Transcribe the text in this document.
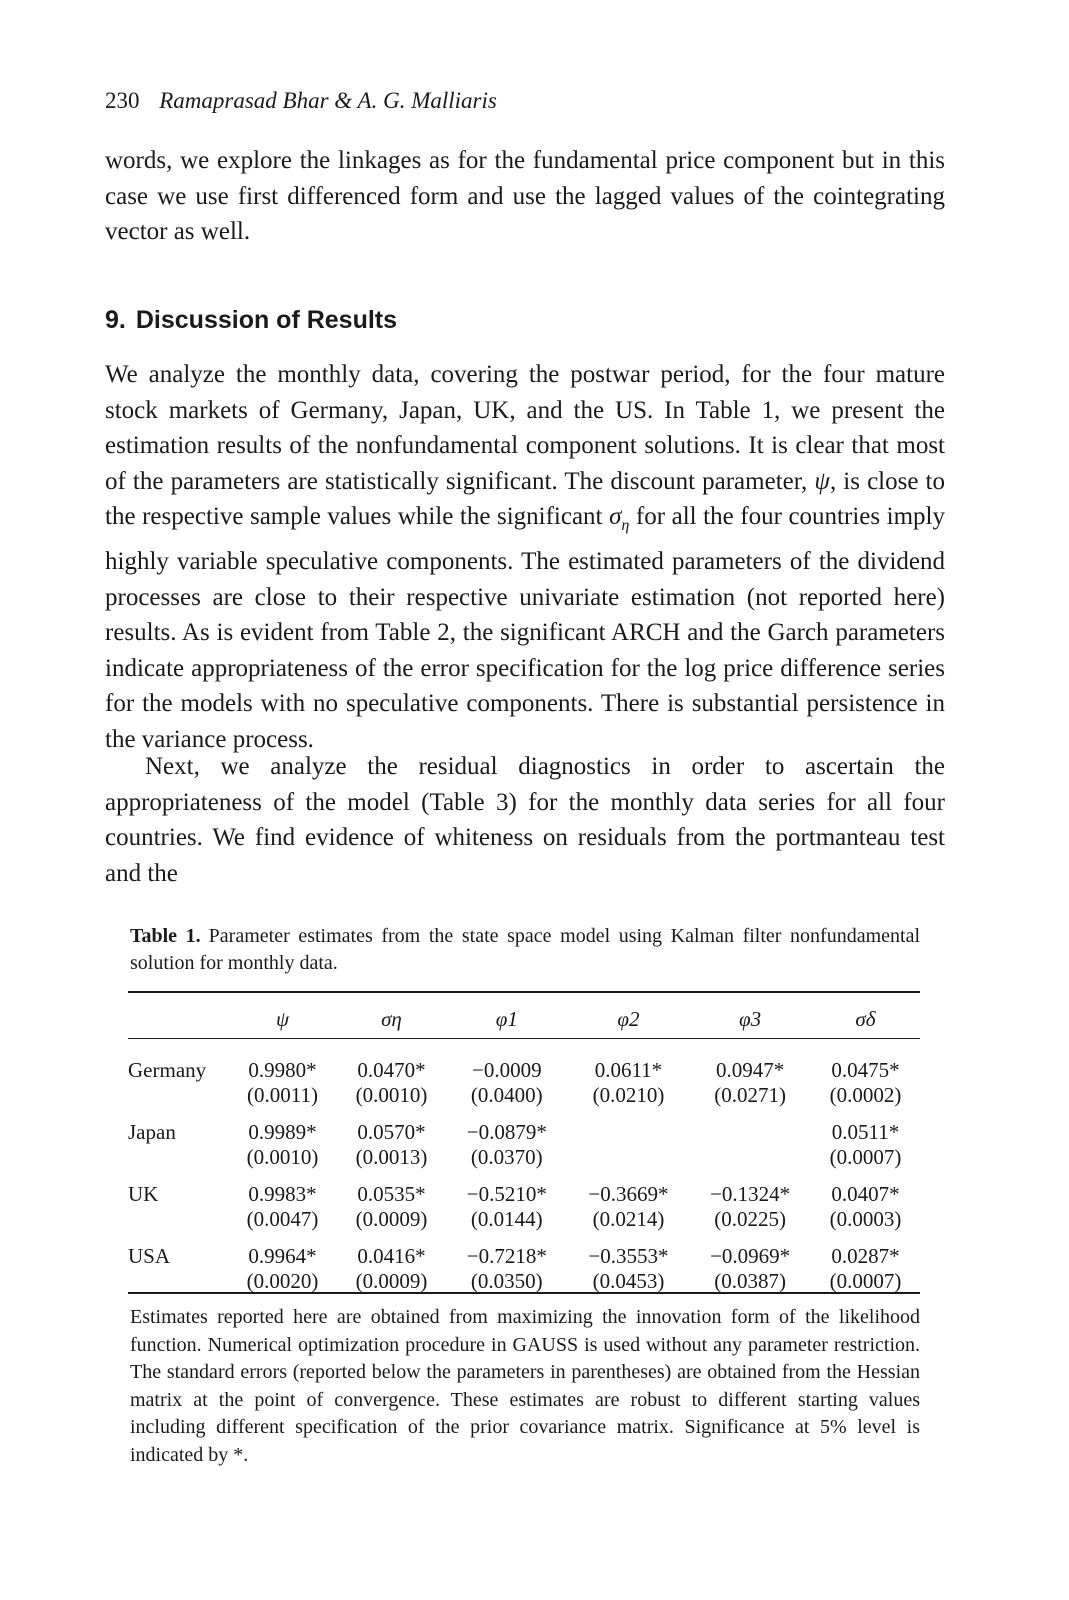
230 Ramaprasad Bhar & A. G. Malliaris

words, we explore the linkages as for the fundamental price component but in this case we use first differenced form and use the lagged values of the cointegrating vector as well.

9. Discussion of Results

We analyze the monthly data, covering the postwar period, for the four mature stock markets of Germany, Japan, UK, and the US. In Table 1, we present the estimation results of the nonfundamental component solutions. It is clear that most of the parameters are statistically significant. The discount parameter, ψ, is close to the respective sample values while the significant $\sigma_\eta$ for all the four countries imply highly variable speculative components. The estimated parameters of the dividend processes are close to their respective univariate estimation (not reported here) results. As is evident from Table 2, the significant ARCH and the Garch parameters indicate appropriateness of the error specification for the log price difference series for the models with no speculative components. There is substantial persistence in the variance process.

Next, we analyze the residual diagnostics in order to ascertain the appropriateness of the model (Table 3) for the monthly data series for all four countries. We find evidence of whiteness on residuals from the portmanteau test and the

Table 1. Parameter estimates from the state space model using Kalman filter nonfundamental solution for monthly data.

	ψ	ση	φ1	φ2	φ3	σδ

Germany	0.9980*	0.0470*	−0.0009	0.0611*	0.0947*	0.0475*
	(0.0011)	(0.0010)	(0.0400)	(0.0210)	(0.0271)	(0.0002)

Japan	0.9989*	0.0570*	−0.0879*			0.0511*
	(0.0010)	(0.0013)	(0.0370)			(0.0007)

UK	0.9983*	0.0535*	−0.5210*	−0.3669*	−0.1324*	0.0407*
	(0.0047)	(0.0009)	(0.0144)	(0.0214)	(0.0225)	(0.0003)

USA	0.9964*	0.0416*	−0.7218*	−0.3553*	−0.0969*	0.0287*
	(0.0020)	(0.0009)	(0.0350)	(0.0453)	(0.0387)	(0.0007)

Estimates reported here are obtained from maximizing the innovation form of the likelihood function. Numerical optimization procedure in GAUSS is used without any parameter restriction. The standard errors (reported below the parameters in parentheses) are obtained from the Hessian matrix at the point of convergence. These estimates are robust to different starting values including different specification of the prior covariance matrix. Significance at 5% level is indicated by *.
